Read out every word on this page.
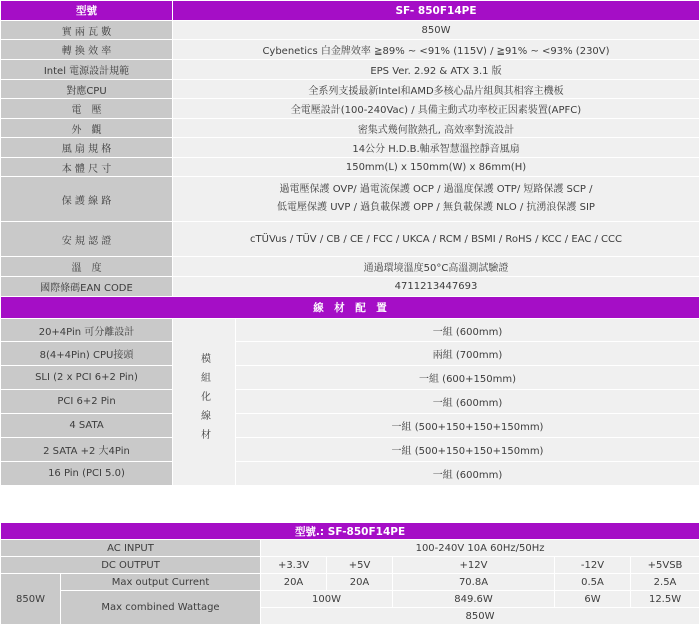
型號	SF- 850F14PE	
實 兩 瓦 數	850W	
轉 換 效 率	Cybenetics 白金牌效率 ≧89% ~ <91% (115V) / ≧91% ~ <93% (230V)	
Intel 電源設計規範	EPS Ver. 2.92 & ATX 3.1 版	
對應CPU	全系列支援最新Intel和AMD多核心晶片組與其相容主機板	
電　壓	全電壓設計(100-240Vac) / 具備主動式功率校正因素裝置(APFC)	
外　觀	密集式幾何散熱孔, 高效率對流設計	
風 扇 規 格	14公分 H.D.B.軸承智慧溫控靜音風扇	
本 體 尺 寸	150mm(L) x 150mm(W) x 86mm(H)	
保 護 線 路	過電壓保護 OVP/ 過電流保護 OCP / 過溫度保護 OTP/ 短路保護 SCP /
低電壓保護 UVP / 過負載保護 OPP / 無負載保護 NLO / 抗湧浪保護 SIP	

安 規 認 證	cTÜVus / TÜV / CB / CE / FCC / UKCA / RCM / BSMI / RoHS / KCC / EAC / CCC	
溫　度	通過環境溫度50°C高溫測試驗證	
國際條碼EAN CODE	4711213447693	
線　材　配　置		
20+4Pin 可分離設計	模組化線材	一組 (600mm)
8(4+4Pin) CPU接頭		兩組 (700mm)
SLI (2 x PCI 6+2 Pin)		一組 (600+150mm)
PCI 6+2 Pin		一組 (600mm)
4 SATA		一組 (500+150+150+150mm)
2 SATA +2 大4Pin		一組 (500+150+150+150mm)
16 Pin (PCI 5.0)		一組 (600mm)
型號.: SF-850F14PE						
AC INPUT		100-240V 10A 60Hz/50Hz				
DC OUTPUT		+3.3V	+5V	+12V	-12V	+5VSB
850W	Max output Current	20A	20A	70.8A	0.5A	2.5A
	Max combined Wattage	100W		849.6W	6W	12.5W
		850W				
